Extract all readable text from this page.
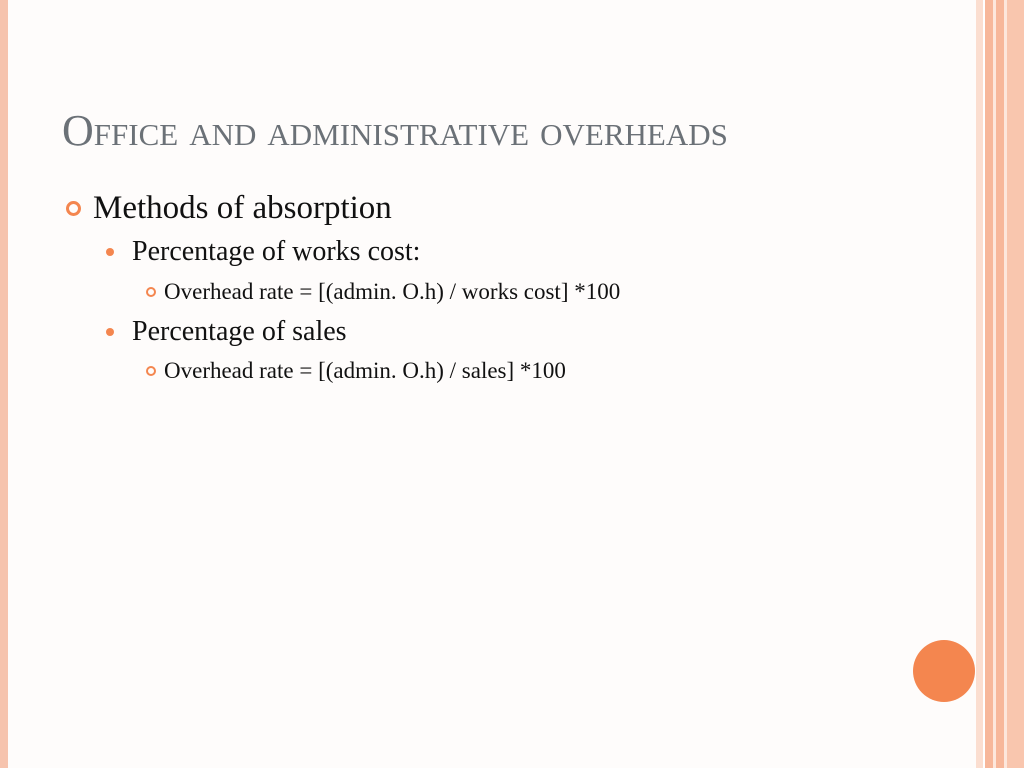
Office and administrative overheads
Methods of absorption
Percentage of works cost:
Overhead rate = [(admin. O.h) / works cost] *100
Percentage of sales
Overhead rate = [(admin. O.h) / sales] *100
